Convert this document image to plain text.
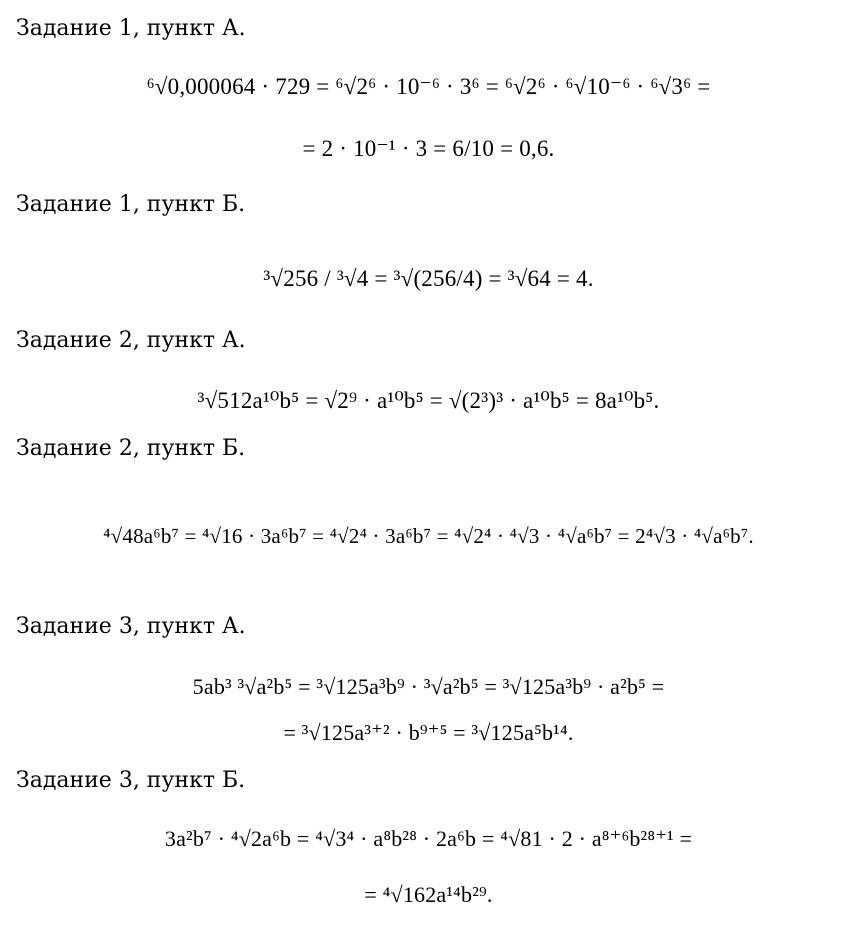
Задание 1, пункт А.
⁶√0,000064 · 729 = ⁶√2⁶ · 10⁻⁶ · 3⁶ = ⁶√2⁶ · ⁶√10⁻⁶ · ⁶√3⁶ =
= 2 · 10⁻¹ · 3 = 6/10 = 0,6.
Задание 1, пункт Б.
³√256 / ³√4 = ³√(256/4) = ³√64 = 4.
Задание 2, пункт А.
³√512a¹⁰b⁵ = √2⁹ · a¹⁰b⁵ = √(2³)³ · a¹⁰b⁵ = 8a¹⁰b⁵.
Задание 2, пункт Б.
⁴√48a⁶b⁷ = ⁴√16 · 3a⁶b⁷ = ⁴√2⁴ · 3a⁶b⁷ = ⁴√2⁴ · ⁴√3 · ⁴√a⁶b⁷ = 2⁴√3 · ⁴√a⁶b⁷.
Задание 3, пункт А.
5ab³ ³√a²b⁵ = ³√125a³b⁹ · ³√a²b⁵ = ³√125a³b⁹ · a²b⁵ =
= ³√125a³⁺² · b⁹⁺⁵ = ³√125a⁵b¹⁴.
Задание 3, пункт Б.
3a²b⁷ · ⁴√2a⁶b = ⁴√3⁴ · a⁸b²⁸ · 2a⁶b = ⁴√81 · 2 · a⁸⁺⁶b²⁸⁺¹ =
= ⁴√162a¹⁴b²⁹.
